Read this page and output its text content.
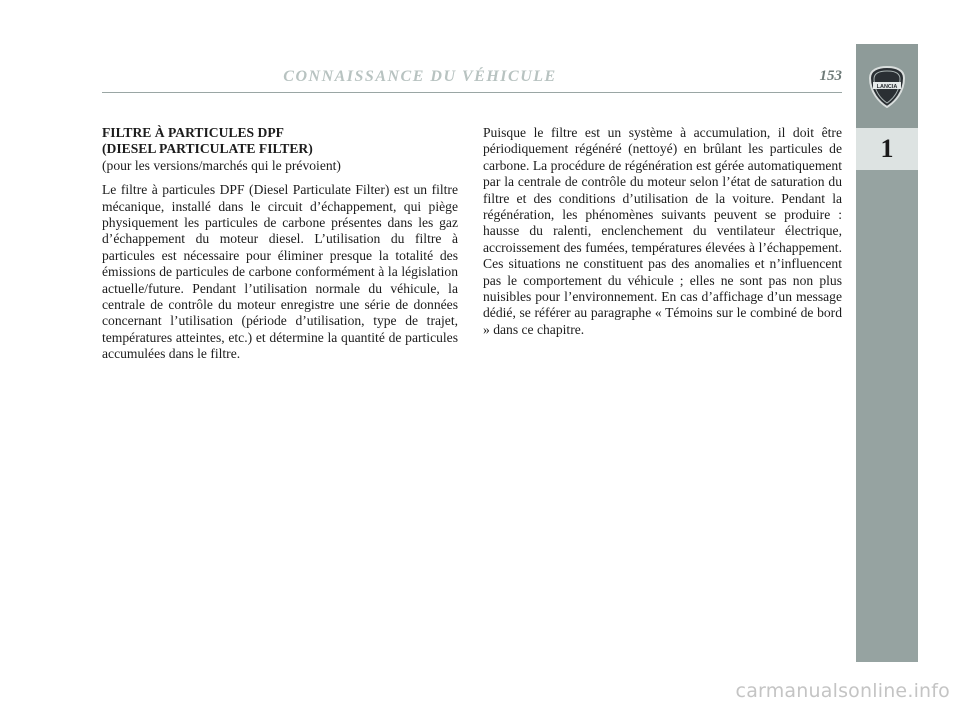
CONNAISSANCE DU VÉHICULE	153
LANCIA
1

FILTRE À PARTICULES DPF

(DIESEL PARTICULATE FILTER)

(pour les versions/marchés qui le prévoient)

Le filtre à particules DPF (Diesel Particulate Filter) est un filtre mécanique, installé dans le circuit d’échappement, qui piège physiquement les particules de carbone présentes dans les gaz d’échappement du moteur diesel. L’utilisation du filtre à particules est nécessaire pour éliminer presque la totalité des émissions de particules de carbone conformément à la législation actuelle/future. Pendant l’utilisation normale du véhicule, la centrale de contrôle du moteur enregistre une série de données concernant l’utilisation (période d’utilisation, type de trajet, températures atteintes, etc.) et détermine la quantité de particules accumulées dans le filtre.

Puisque le filtre est un système à accumulation, il doit être périodiquement régénéré (nettoyé) en brûlant les particules de carbone. La procédure de régénération est gérée automatiquement par la centrale de contrôle du moteur selon l’état de saturation du filtre et des conditions d’utilisation de la voiture. Pendant la régénération, les phénomènes suivants peuvent se produire : hausse du ralenti, enclenchement du ventilateur électrique, accroissement des fumées, températures élevées à l’échappement. Ces situations ne constituent pas des anomalies et n’influencent pas le comportement du véhicule ; elles ne sont pas non plus nuisibles pour l’environnement. En cas d’affichage d’un message dédié, se référer au paragraphe « Témoins sur le combiné de bord » dans ce chapitre.

carmanualsonline.info
